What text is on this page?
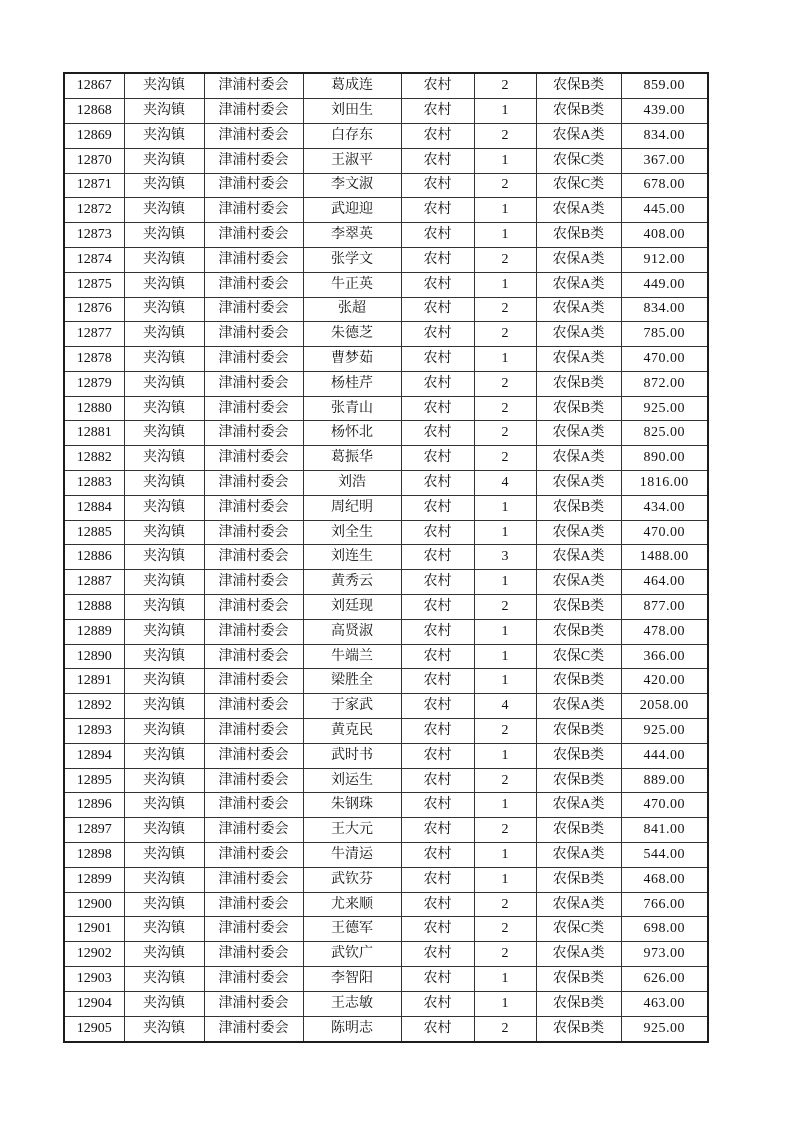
12867	夹沟镇	津浦村委会	葛成连	农村	2	农保B类	859.00
12868	夹沟镇	津浦村委会	刘田生	农村	1	农保B类	439.00
12869	夹沟镇	津浦村委会	白存东	农村	2	农保A类	834.00
12870	夹沟镇	津浦村委会	王淑平	农村	1	农保C类	367.00
12871	夹沟镇	津浦村委会	李文淑	农村	2	农保C类	678.00
12872	夹沟镇	津浦村委会	武迎迎	农村	1	农保A类	445.00
12873	夹沟镇	津浦村委会	李翠英	农村	1	农保B类	408.00
12874	夹沟镇	津浦村委会	张学文	农村	2	农保A类	912.00
12875	夹沟镇	津浦村委会	牛正英	农村	1	农保A类	449.00
12876	夹沟镇	津浦村委会	张超	农村	2	农保A类	834.00
12877	夹沟镇	津浦村委会	朱德芝	农村	2	农保A类	785.00
12878	夹沟镇	津浦村委会	曹梦茹	农村	1	农保A类	470.00
12879	夹沟镇	津浦村委会	杨桂芹	农村	2	农保B类	872.00
12880	夹沟镇	津浦村委会	张青山	农村	2	农保B类	925.00
12881	夹沟镇	津浦村委会	杨怀北	农村	2	农保A类	825.00
12882	夹沟镇	津浦村委会	葛振华	农村	2	农保A类	890.00
12883	夹沟镇	津浦村委会	刘浩	农村	4	农保A类	1816.00
12884	夹沟镇	津浦村委会	周纪明	农村	1	农保B类	434.00
12885	夹沟镇	津浦村委会	刘全生	农村	1	农保A类	470.00
12886	夹沟镇	津浦村委会	刘连生	农村	3	农保A类	1488.00
12887	夹沟镇	津浦村委会	黄秀云	农村	1	农保A类	464.00
12888	夹沟镇	津浦村委会	刘廷现	农村	2	农保B类	877.00
12889	夹沟镇	津浦村委会	高贤淑	农村	1	农保B类	478.00
12890	夹沟镇	津浦村委会	牛端兰	农村	1	农保C类	366.00
12891	夹沟镇	津浦村委会	梁胜全	农村	1	农保B类	420.00
12892	夹沟镇	津浦村委会	于家武	农村	4	农保A类	2058.00
12893	夹沟镇	津浦村委会	黄克民	农村	2	农保B类	925.00
12894	夹沟镇	津浦村委会	武时书	农村	1	农保B类	444.00
12895	夹沟镇	津浦村委会	刘运生	农村	2	农保B类	889.00
12896	夹沟镇	津浦村委会	朱钢珠	农村	1	农保A类	470.00
12897	夹沟镇	津浦村委会	王大元	农村	2	农保B类	841.00
12898	夹沟镇	津浦村委会	牛清运	农村	1	农保A类	544.00
12899	夹沟镇	津浦村委会	武钦芬	农村	1	农保B类	468.00
12900	夹沟镇	津浦村委会	尤来顺	农村	2	农保A类	766.00
12901	夹沟镇	津浦村委会	王德军	农村	2	农保C类	698.00
12902	夹沟镇	津浦村委会	武钦广	农村	2	农保A类	973.00
12903	夹沟镇	津浦村委会	李智阳	农村	1	农保B类	626.00
12904	夹沟镇	津浦村委会	王志敏	农村	1	农保B类	463.00
12905	夹沟镇	津浦村委会	陈明志	农村	2	农保B类	925.00
